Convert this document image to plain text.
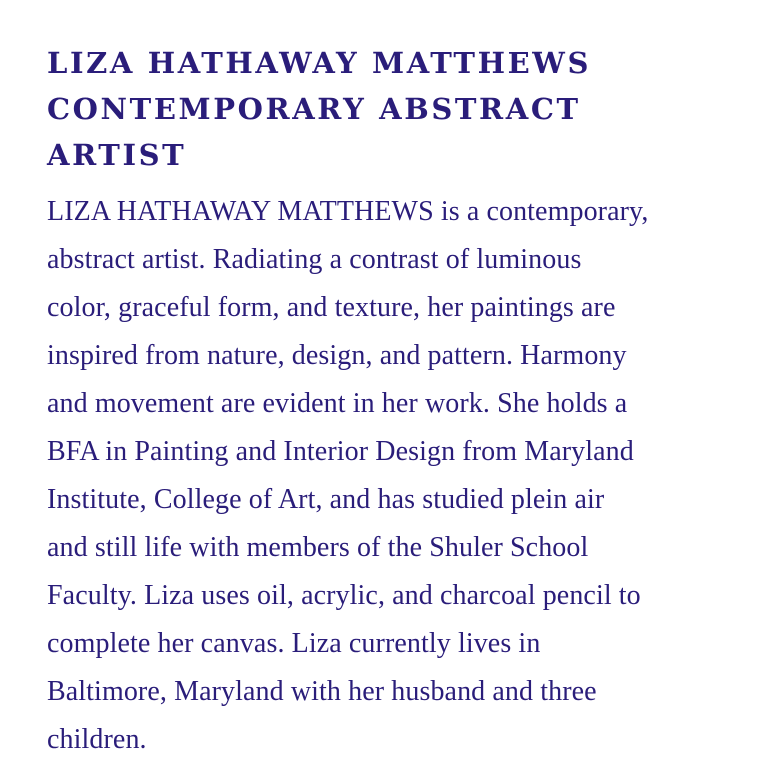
LIZA HATHAWAY MATTHEWS
CONTEMPORARY ABSTRACT
ARTIST

LIZA HATHAWAY MATTHEWS is a contemporary,
abstract artist. Radiating a contrast of luminous
color, graceful form, and texture, her paintings are
inspired from nature, design, and pattern. Harmony
and movement are evident in her work. She holds a
BFA in Painting and Interior Design from Maryland
Institute, College of Art, and has studied plein air
and still life with members of the Shuler School
Faculty. Liza uses oil, acrylic, and charcoal pencil to
complete her canvas. Liza currently lives in
Baltimore, Maryland with her husband and three
children.
